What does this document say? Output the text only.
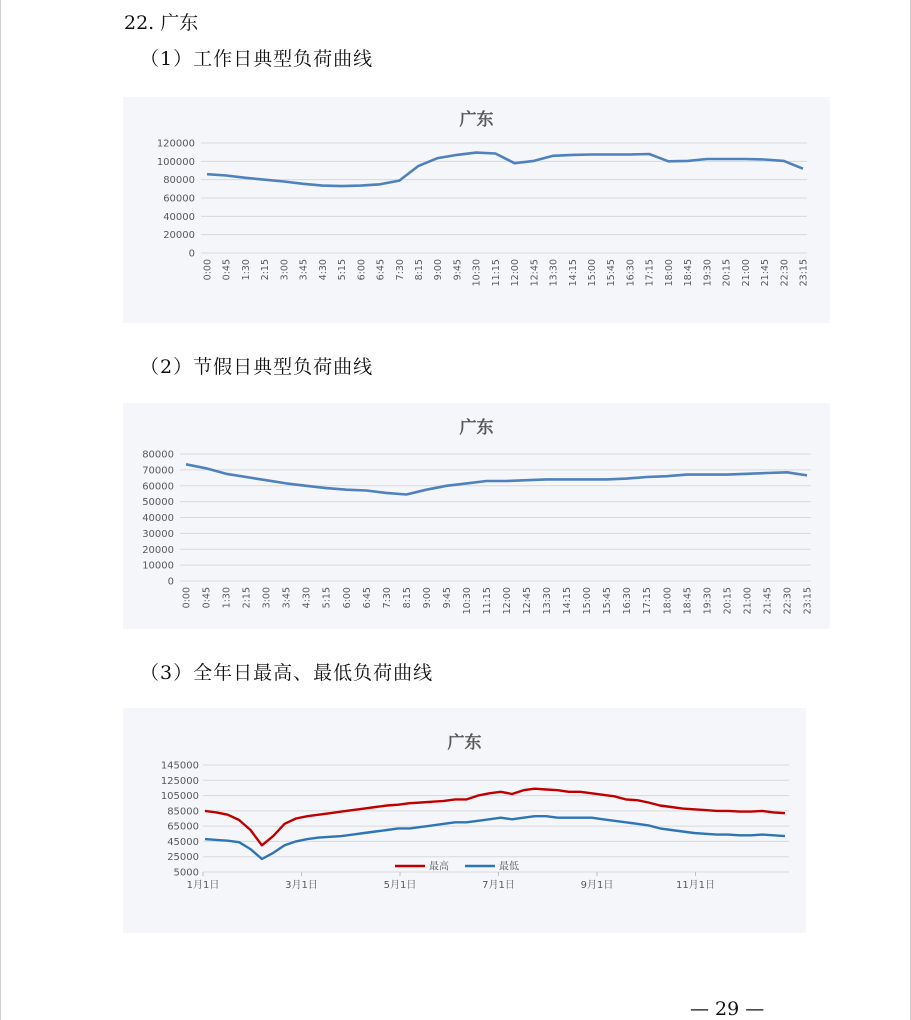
22. 广东
（1）工作日典型负荷曲线
广东
120000
100000
80000
60000
40000
20000
0
0:00 0:45 1:30 2:15 3:00 3:45 4:30 5:15 6:00 6:45 7:30 8:15 9:00 9:45 10:30 11:15 12:00 12:45 13:30 14:15 15:00 15:45 16:30 17:15 18:00 18:45 19:30 20:15 21:00 21:45 22:30 23:15
（2）节假日典型负荷曲线
广东
80000
70000
60000
50000
40000
30000
20000
10000
0
0:00 0:45 1:30 2:15 3:00 3:45 4:30 5:15 6:00 6:45 7:30 8:15 9:00 9:45 10:30 11:15 12:00 12:45 13:30 14:15 15:00 15:45 16:30 17:15 18:00 18:45 19:30 20:15 21:00 21:45 22:30 23:15
（3）全年日最高、最低负荷曲线
广东
145000
125000
105000
85000
65000
45000
25000
5000
1月1日	3月1日	5月1日	7月1日	9月1日	11月1日
最高	最低
— 29 —
